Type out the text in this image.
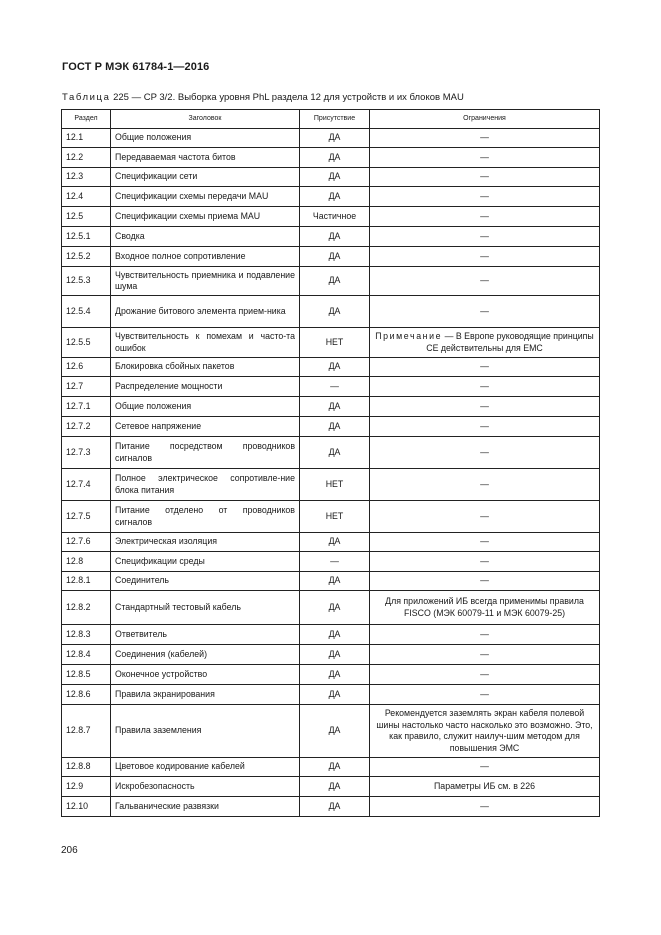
ГОСТ Р МЭК 61784-1—2016
Таблица 225 — CP 3/2. Выборка уровня PhL раздела 12 для устройств и их блоков MAU
Раздел	Заголовок	Присутствие	Ограничения
12.1	Общие положения	ДА	—
12.2	Передаваемая частота битов	ДА	—
12.3	Спецификации сети	ДА	—
12.4	Спецификации схемы передачи MAU	ДА	—
12.5	Спецификации схемы приема MAU	Частичное	—
12.5.1	Сводка	ДА	—
12.5.2	Входное полное сопротивление	ДА	—
12.5.3	Чувствительность приемника и подавление шума	ДА	—
12.5.4	Дрожание битового элемента прием-ника	ДА	—
12.5.5	Чувствительность к помехам и часто-та ошибок	НЕТ	Примечание — В Европе руководящие принципы CE действительны для EMC
12.6	Блокировка сбойных пакетов	ДА	—
12.7	Распределение мощности	—	—
12.7.1	Общие положения	ДА	—
12.7.2	Сетевое напряжение	ДА	—
12.7.3	Питание посредством проводников сигналов	ДА	—
12.7.4	Полное электрическое сопротивле-ние блока питания	НЕТ	—
12.7.5	Питание отделено от проводников сигналов	НЕТ	—
12.7.6	Электрическая изоляция	ДА	—
12.8	Спецификации среды	—	—
12.8.1	Соединитель	ДА	—
12.8.2	Стандартный тестовый кабель	ДА	Для приложений ИБ всегда применимы правила FISCO (МЭК 60079-11 и МЭК 60079-25)
12.8.3	Ответвитель	ДА	—
12.8.4	Соединения (кабелей)	ДА	—
12.8.5	Оконечное устройство	ДА	—
12.8.6	Правила экранирования	ДА	—
12.8.7	Правила заземления	ДА	Рекомендуется заземлять экран кабеля полевой шины настолько часто насколько это возможно. Это, как правило, служит наилуч-шим методом для повышения ЭМС
12.8.8	Цветовое кодирование кабелей	ДА	—
12.9	Искробезопасность	ДА	Параметры ИБ см. в 226
12.10	Гальванические развязки	ДА	—
206
